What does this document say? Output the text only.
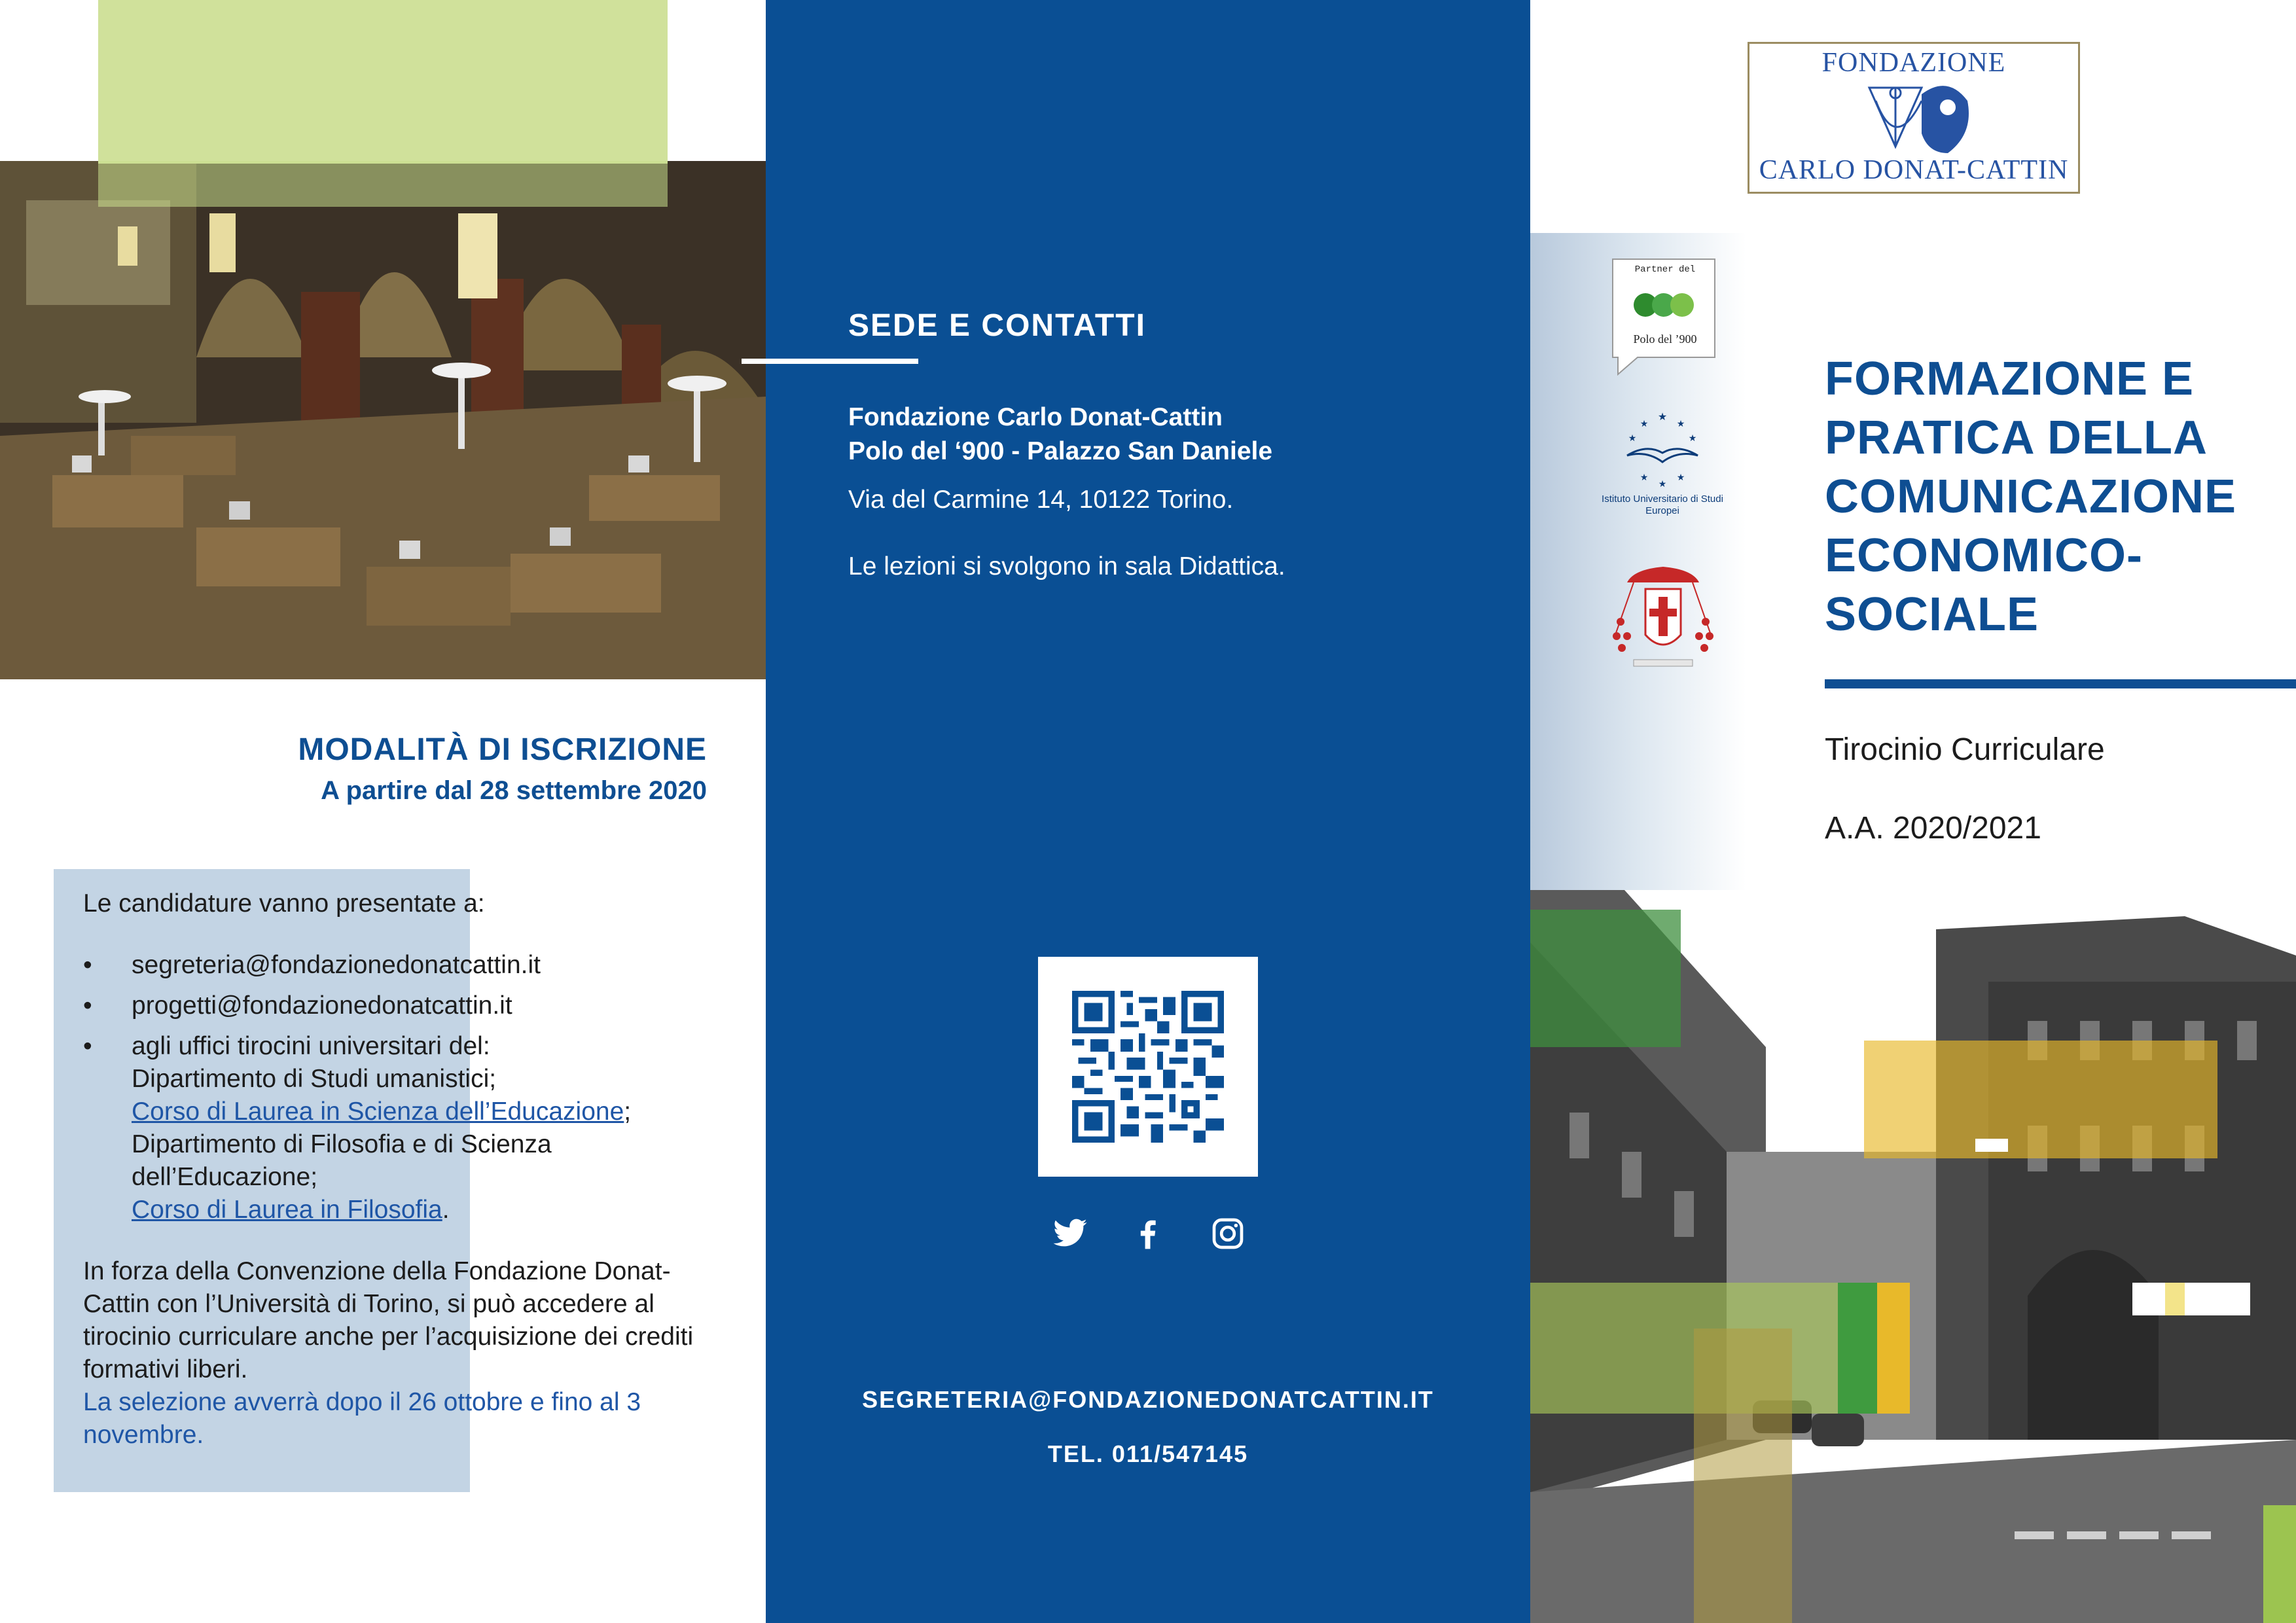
MODALITÀ DI ISCRIZIONE
A partire dal 28 settembre 2020

Le candidature vanno presentate a:

• segreteria@fondazionedonatcattin.it
• progetti@fondazionedonatcattin.it
• agli uffici tirocini universitari del:
Dipartimento di Studi umanistici;
Corso di Laurea in Scienza dell’Educazione;
Dipartimento di Filosofia e di Scienza dell’Educazione;
Corso di Laurea in Filosofia.

In forza della Convenzione della Fondazione Donat-Cattin con l’Università di Torino, si può accedere al tirocinio curriculare anche per l’acquisizione dei crediti formativi liberi.

La selezione avverrà dopo il 26 ottobre e fino al 3 novembre.

SEDE E CONTATTI
Fondazione Carlo Donat-Cattin
Polo del ‘900 - Palazzo San Daniele
Via del Carmine 14, 10122 Torino.
Le lezioni si svolgono in sala Didattica.
SEGRETERIA@FONDAZIONEDONATCATTIN.IT
TEL. 011/547145
FONDAZIONE
CARLO DONAT-CATTIN
Partner del
Polo del ’900
★
★	★
★	★
★	★
★
Istituto Universitario di Studi Europei
FORMAZIONE E PRATICA DELLA COMUNICAZIONE ECONOMICO-SOCIALE
Tirocinio Curriculare
A.A. 2020/2021
